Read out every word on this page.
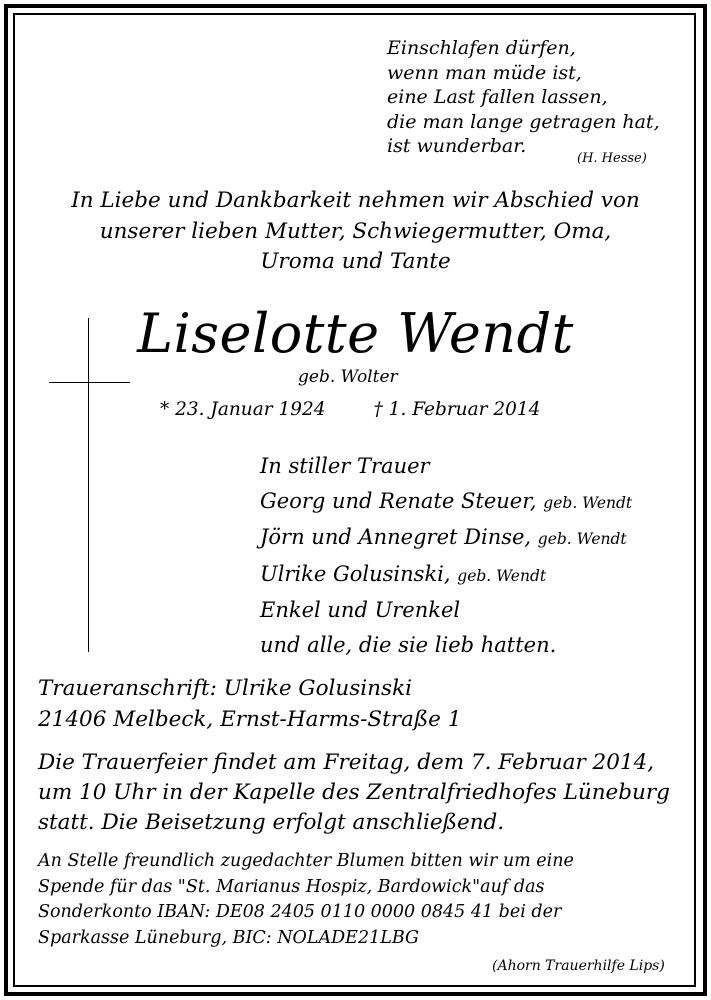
Einschlafen dürfen,
wenn man müde ist,
eine Last fallen lassen,
die man lange getragen hat,
ist wunderbar.
(H. Hesse)
In Liebe und Dankbarkeit nehmen wir Abschied von
unserer lieben Mutter, Schwiegermutter, Oma,
Uroma und Tante
Liselotte Wendt
geb. Wolter
* 23. Januar 1924	† 1. Februar 2014
In stiller Trauer
Georg und Renate Steuer, geb. Wendt
Jörn und Annegret Dinse, geb. Wendt
Ulrike Golusinski, geb. Wendt
Enkel und Urenkel
und alle, die sie lieb hatten.
Traueranschrift: Ulrike Golusinski
21406 Melbeck, Ernst-Harms-Straße 1
Die Trauerfeier findet am Freitag, dem 7. Februar 2014,
um 10 Uhr in der Kapelle des Zentralfriedhofes Lüneburg
statt. Die Beisetzung erfolgt anschließend.
An Stelle freundlich zugedachter Blumen bitten wir um eine
Spende für das "St. Marianus Hospiz, Bardowick"auf das
Sonderkonto IBAN: DE08 2405 0110 0000 0845 41 bei der
Sparkasse Lüneburg, BIC: NOLADE21LBG
(Ahorn Trauerhilfe Lips)
